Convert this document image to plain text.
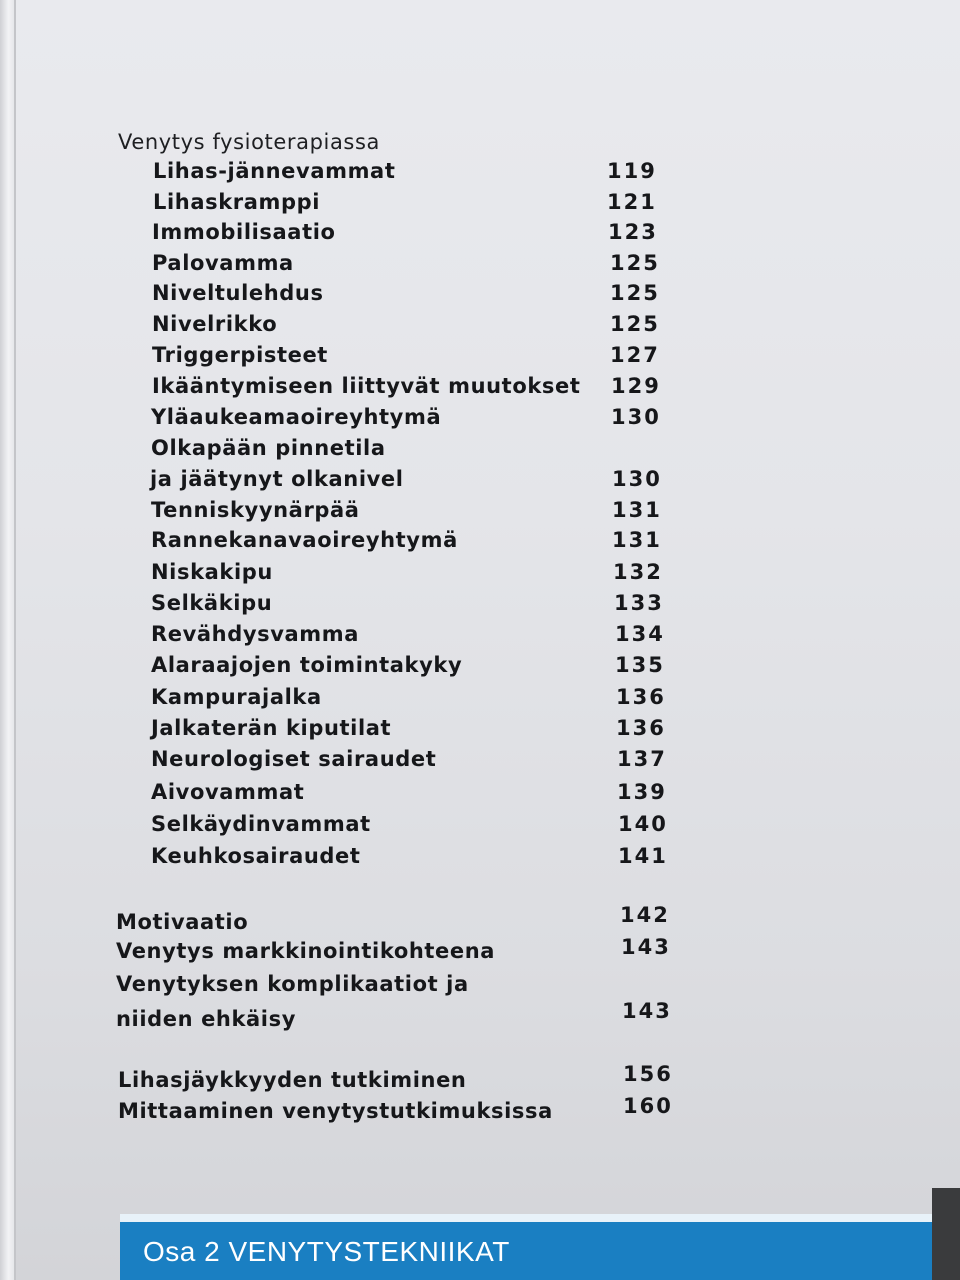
Venytys fysioterapiassa
Lihas-jännevammat	119
Lihaskramppi	121
Immobilisaatio	123
Palovamma	125
Niveltulehdus	125
Nivelrikko	125
Triggerpisteet	127
Ikääntymiseen liittyvät muutokset 129
Yläaukeamaoireyhtymä	130
Olkapään pinnetila
ja jäätynyt olkanivel	130
Tenniskyynärpää	131
Rannekanavaoireyhtymä	131
Niskakipu	132
Selkäkipu	133
Revähdysvamma	134
Alaraajojen toimintakyky	135
Kampurajalka	136
Jalkaterän kiputilat	136
Neurologiset sairaudet	137
Aivovammat	139
Selkäydinvammat	140
Keuhkosairaudet	141
Motivaatio	142
Venytys markkinointikohteena	143
Venytyksen komplikaatiot ja
niiden ehkäisy	143
Lihasjäykkyyden tutkiminen	156
Mittaaminen venytystutkimuksissa	160
Osa 2 VENYTYSTEKNIIKAT
